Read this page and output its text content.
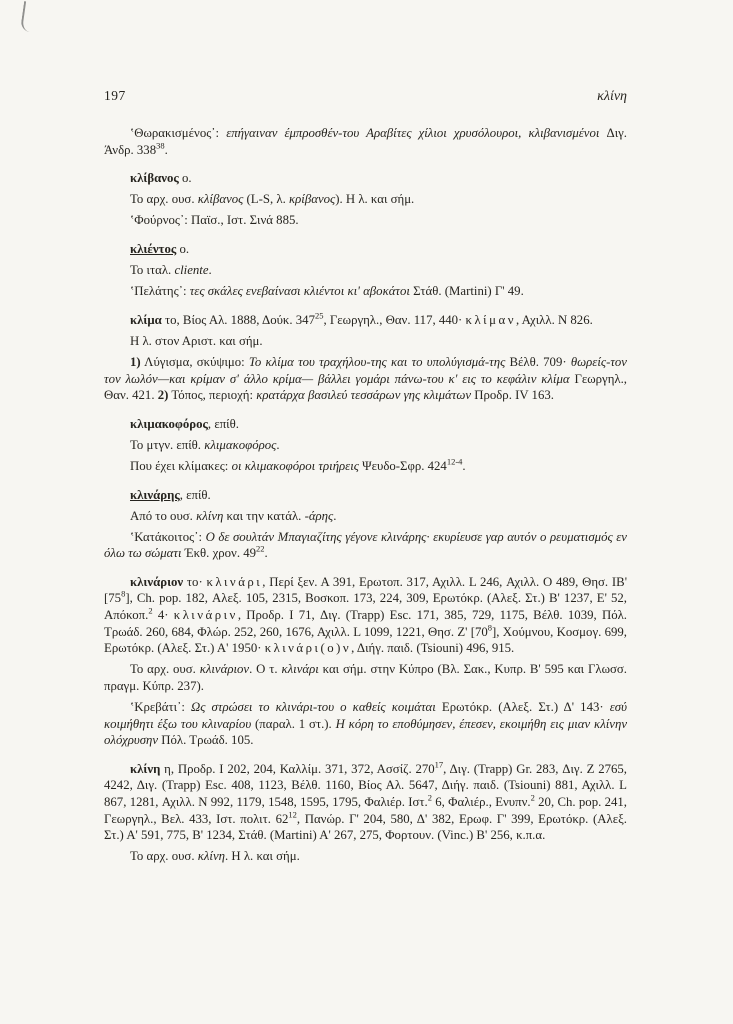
197	κλίνη

ʽΘωρακισμένος᾽: επήγαιναν έμπροσθέν-του Αραβίτες χίλιοι χρυσόλουροι, κλιβανισμένοι Διγ. Άνδρ. $338^{38}$.

κλίβανος ο.

Το αρχ. ουσ. κλίβανος (L-S, λ. κρίβανος). Η λ. και σήμ.

ʽΦούρνος᾽: Παϊσ., Ιστ. Σινά 885.

κλιέντος ο.

Το ιταλ. cliente.

ʽΠελάτης᾽: τες σκάλες ενεβαίνασι κλιέντοι κι' αβοκάτοι Στάθ. (Martini) Γ' 49.

κλίμα το, Βίος Αλ. 1888, Δούκ. $347^{25}$, Γεωργηλ., Θαν. 117, 440· κλίμαν, Αχιλλ. N 826.

Η λ. στον Αριστ. και σήμ.

1) Λύγισμα, σκύψιμο: Το κλίμα του τραχήλου-της και το υπολύγισμά-της Βέλθ. 709· θωρείς-τον τον λωλόν—και κρίμαν σ' άλλο κρίμα— βάλλει γομάρι πάνω-του κ' εις το κεφάλιν κλίμα Γεωργηλ., Θαν. 421. 2) Τόπος, περιοχή: κρατάρχα βασιλεύ τεσσάρων γης κλιμάτων Προδρ. IV 163.

κλιμακοφόρος, επίθ.

Το μτγν. επίθ. κλιμακοφόρος.

Που έχει κλίμακες: οι κλιμακοφόροι τριήρεις Ψευδο-Σφρ. 424$^{12-4}$.

κλινάρης, επίθ.

Από το ουσ. κλίνη και την κατάλ. -άρης.

ʽΚατάκοιτος᾽: Ο δε σουλτάν Μπαγιαζίτης γέγονε κλινάρης· εκυρίευσε γαρ αυτόν ο ρευματισμός εν όλω τω σώματι Έκθ. χρον. $49^{22}$.

κλινάριον το· κλινάρι, Περί ξεν. Α 391, Ερωτοπ. 317, Αχιλλ. L 246, Αχιλλ. O 489, Θησ. ΙΒ' $[75^8]$, Ch. pop. 182, Αλεξ. 105, 2315, Βοσκοπ. 173, 224, 309, Ερωτόκρ. (Αλεξ. Στ.) Β' 1237, Ε' 52, Απόκοπ.$^2$ 4· κλινάριν, Προδρ. I 71, Διγ. (Trapp) Esc. 171, 385, 729, 1175, Βέλθ. 1039, Πόλ. Τρωάδ. 260, 684, Φλώρ. 252, 260, 1676, Αχιλλ. L 1099, 1221, Θησ. Ζ' $[70^8]$, Χούμνου, Κοσμογ. 699, Ερωτόκρ. (Αλεξ. Στ.) Α' 1950· κλινάρι(ο)ν, Διήγ. παιδ. (Tsiouni) 496, 915.

Το αρχ. ουσ. κλινάριον. Ο τ. κλινάρι και σήμ. στην Κύπρο (Βλ. Σακ., Κυπρ. Β' 595 και Γλωσσ. πραγμ. Κύπρ. 237).

ʽΚρεβάτι᾽: Ως στρώσει το κλινάρι-του ο καθείς κοιμάται Ερωτόκρ. (Αλεξ. Στ.) Δ' 143· εσύ κοιμήθητι έξω του κλιναρίου (παραλ. 1 στ.). Η κόρη το εποθύμησεν, έπεσεν, εκοιμήθη εις μιαν κλίνην ολόχρυσην Πόλ. Τρωάδ. 105.

κλίνη η, Προδρ. I 202, 204, Καλλίμ. 371, 372, Ασσίζ. $270^{17}$, Διγ. (Trapp) Gr. 283, Διγ. Ζ 2765, 4242, Διγ. (Trapp) Esc. 408, 1123, Βέλθ. 1160, Βίος Αλ. 5647, Διήγ. παιδ. (Tsiouni) 881, Αχιλλ. L 867, 1281, Αχιλλ. N 992, 1179, 1548, 1595, 1795, Φαλιέρ. Ιστ.$^2$ 6, Φαλιέρ., Ενυπν.$^2$ 20, Ch. pop. 241, Γεωργηλ., Βελ. 433, Ιστ. πολιτ. $62^{12}$, Πανώρ. Γ' 204, 580, Δ' 382, Ερωφ. Γ' 399, Ερωτόκρ. (Αλεξ. Στ.) Α' 591, 775, Β' 1234, Στάθ. (Martini) Α' 267, 275, Φορτουν. (Vinc.) Β' 256, κ.π.α.

Το αρχ. ουσ. κλίνη. Η λ. και σήμ.
